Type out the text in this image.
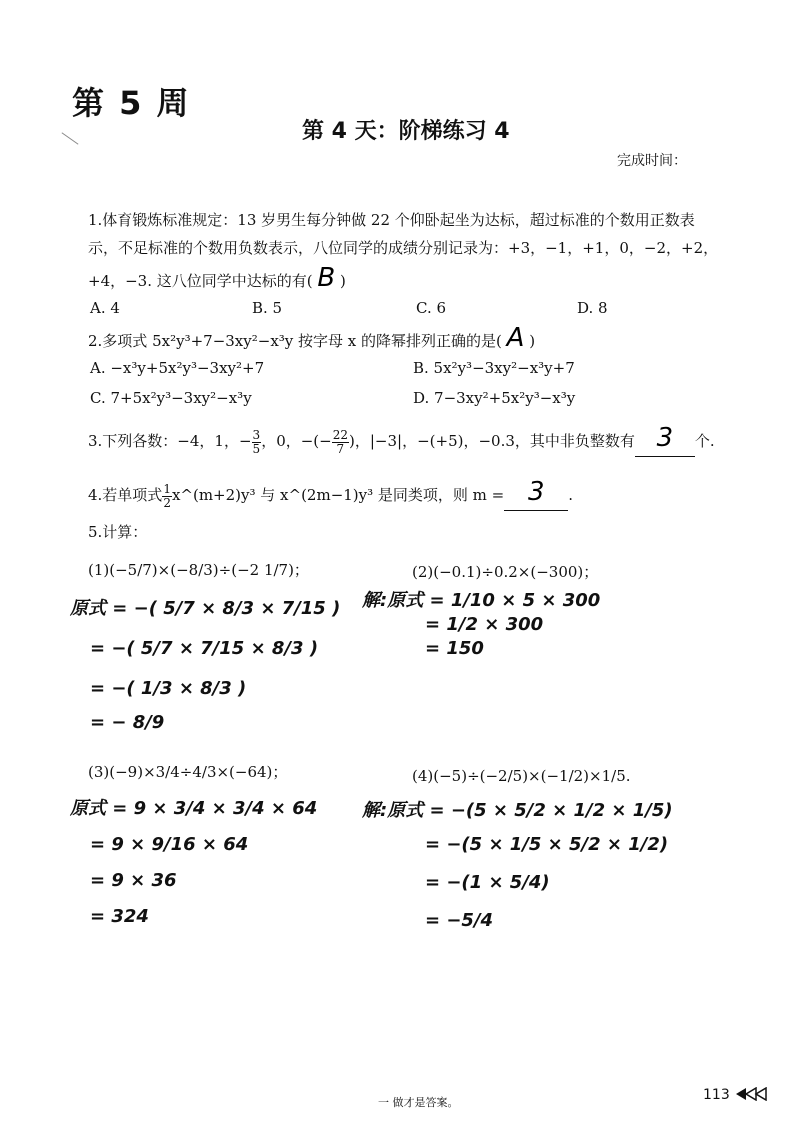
第 5 周
第 4 天：阶梯练习 4
完成时间：
1.体育锻炼标准规定：13 岁男生每分钟做 22 个仰卧起坐为达标，超过标准的个数用正数表
示，不足标准的个数用负数表示，八位同学的成绩分别记录为：+3，−1，+1，0，−2，+2，
+4，−3. 这八位同学中达标的有( B )
A. 4	B. 5	C. 6	D. 8
2.多项式 5x²y³+7−3xy²−x³y 按字母 x 的降幂排列正确的是( A )
A. −x³y+5x²y³−3xy²+7	B. 5x²y³−3xy²−x³y+7
C. 7+5x²y³−3xy²−x³y	D. 7−3xy²+5x²y³−x³y
3.下列各数：−4，1，− $\frac{3}{5}$ ，0，−(− $\frac{22}{7}$ )，|−3|，−(+5)，−0.3，其中非负整数有 3 个.
4.若单项式 $\frac{1}{2}$ x^(m+2)y³ 与 x^(2m−1)y³ 是同类项，则 m = 3 .
5.计算：
(1)(−5/7)×(−8/3)÷(−2 1/7)；
原式 = −( 5/7 × 8/3 × 7/15 )
= −( 5/7 × 7/15 × 8/3 )
= −( 1/3 × 8/3 )
= − 8/9
(2)(−0.1)÷0.2×(−300)；
解:原式 = 1/10 × 5 × 300
= 1/2 × 300
= 150
(3)(−9)×3/4÷4/3×(−64)；
原式 = 9 × 3/4 × 3/4 × 64
= 9 × 9/16 × 64
= 9 × 36
= 324
(4)(−5)÷(−2/5)×(−1/2)×1/5.
解:原式 = −(5 × 5/2 × 1/2 × 1/5)
= −(5 × 1/5 × 5/2 × 1/2)
= −(1 × 5/4)
= −5/4
一 做才是答案。	113
